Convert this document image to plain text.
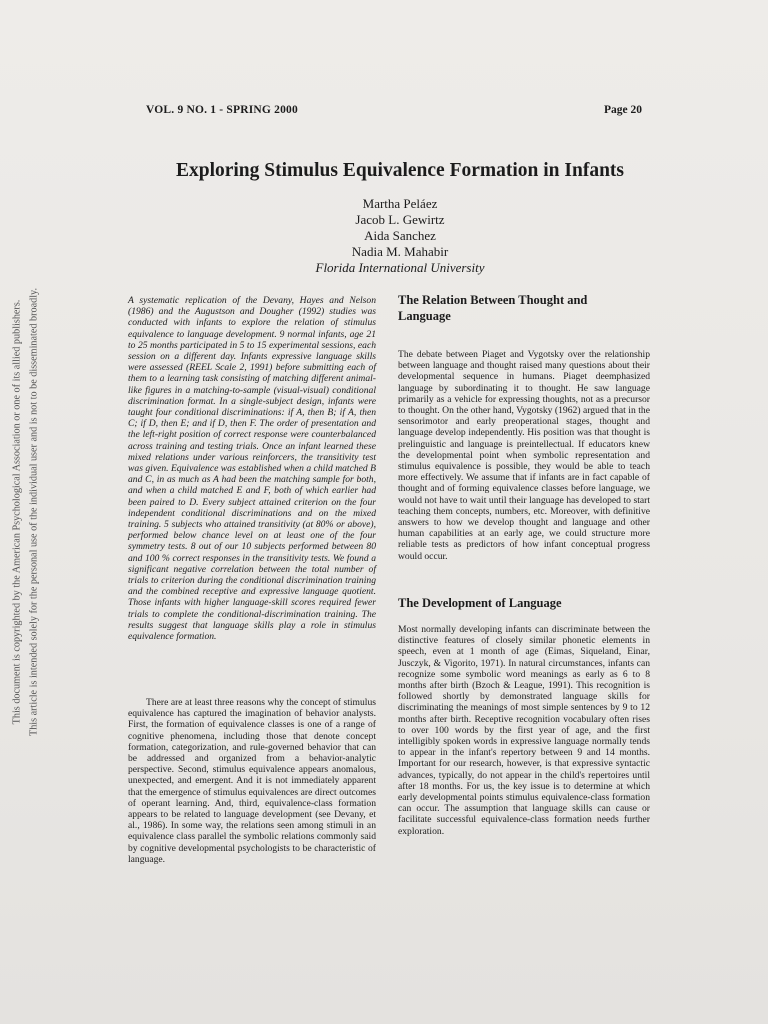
This document is copyrighted by the American Psychological Association or one of its allied publishers. This article is intended solely for the personal use of the individual user and is not to be disseminated broadly.
VOL. 9 NO. 1 - SPRING 2000	Page 20
Exploring Stimulus Equivalence Formation in Infants
Martha Peláez
Jacob L. Gewirtz
Aida Sanchez
Nadia M. Mahabir
Florida International University
A systematic replication of the Devany, Hayes and Nelson (1986) and the Augustson and Dougher (1992) studies was conducted with infants to explore the relation of stimulus equivalence to language development. 9 normal infants, age 21 to 25 months participated in 5 to 15 experimental sessions, each session on a different day. Infants expressive language skills were assessed (REEL Scale 2, 1991) before submitting each of them to a learning task consisting of matching different animal-like figures in a matching-to-sample (visual-visual) conditional discrimination format. In a single-subject design, infants were taught four conditional discriminations: if A, then B; if A, then C; if D, then E; and if D, then F. The order of presentation and the left-right position of correct response were counterbalanced across training and testing trials. Once an infant learned these mixed relations under various reinforcers, the transitivity test was given. Equivalence was established when a child matched B and C, in as much as A had been the matching sample for both, and when a child matched E and F, both of which earlier had been paired to D. Every subject attained criterion on the four independent conditional discriminations and on the mixed training. 5 subjects who attained transitivity (at 80% or above), performed below chance level on at least one of the four symmetry tests. 8 out of our 10 subjects performed between 80 and 100 % correct responses in the transitivity tests. We found a significant negative correlation between the total number of trials to criterion during the conditional discrimination training and the combined receptive and expressive language quotient. Those infants with higher language-skill scores required fewer trials to complete the conditional-discrimination training. The results suggest that language skills play a role in stimulus equivalence formation.
There are at least three reasons why the concept of stimulus equivalence has captured the imagination of behavior analysts. First, the formation of equivalence classes is one of a range of cognitive phenomena, including those that denote concept formation, categorization, and rule-governed behavior that can be addressed and organized from a behavior-analytic perspective. Second, stimulus equivalence appears anomalous, unexpected, and emergent. And it is not immediately apparent that the emergence of stimulus equivalences are direct outcomes of operant learning. And, third, equivalence-class formation appears to be related to language development (see Devany, et al., 1986). In some way, the relations seen among stimuli in an equivalence class parallel the symbolic relations commonly said by cognitive developmental psychologists to be characteristic of language.
The Relation Between Thought and Language
The debate between Piaget and Vygotsky over the relationship between language and thought raised many questions about their developmental sequence in humans. Piaget deemphasized language by subordinating it to thought. He saw language primarily as a vehicle for expressing thoughts, not as a precursor to thought. On the other hand, Vygotsky (1962) argued that in the sensorimotor and early preoperational stages, thought and language develop independently. His position was that thought is prelinguistic and language is preintellectual. If educators knew the developmental point when symbolic representation and stimulus equivalence is possible, they would be able to teach more effectively. We assume that if infants are in fact capable of thought and of forming equivalence classes before language, we would not have to wait until their language has developed to start teaching them concepts, numbers, etc. Moreover, with definitive answers to how we develop thought and language and other human capabilities at an early age, we could structure more reliable tests as predictors of how infant conceptual progress would occur.
The Development of Language
Most normally developing infants can discriminate between the distinctive features of closely similar phonetic elements in speech, even at 1 month of age (Eimas, Siqueland, Einar, Jusczyk, & Vigorito, 1971). In natural circumstances, infants can recognize some symbolic word meanings as early as 6 to 8 months after birth (Bzoch & League, 1991). This recognition is followed shortly by demonstrated language skills for discriminating the meanings of most simple sentences by 9 to 12 months after birth. Receptive recognition vocabulary often rises to over 100 words by the first year of age, and the first intelligibly spoken words in expressive language normally tends to appear in the infant's repertory between 9 and 14 months. Important for our research, however, is that expressive syntactic advances, typically, do not appear in the child's repertoires until after 18 months. For us, the key issue is to determine at which early developmental points stimulus equivalence-class formation can occur. The assumption that language skills can cause or facilitate successful equivalence-class formation needs further exploration.
